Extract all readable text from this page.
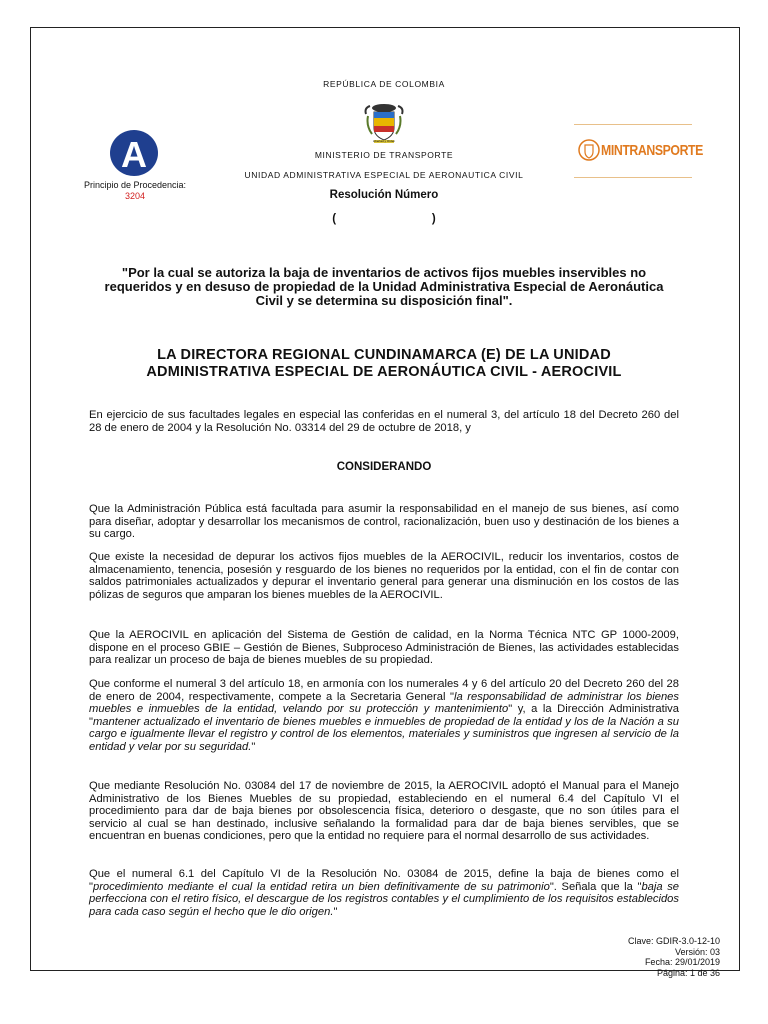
REPÚBLICA DE COLOMBIA
Libertad y Orden
MINISTERIO DE TRANSPORTE
UNIDAD ADMINISTRATIVA ESPECIAL DE AERONAUTICA CIVIL
Resolución Número
(                              )
A
Principio de Procedencia:
3204
MINTRANSPORTE
"Por la cual se autoriza la baja de inventarios de activos fijos muebles inservibles no requeridos y en desuso de propiedad de la Unidad Administrativa Especial de Aeronáutica Civil y se determina su disposición final".
LA DIRECTORA REGIONAL CUNDINAMARCA (E) DE LA UNIDAD
ADMINISTRATIVA ESPECIAL DE AERONÁUTICA CIVIL - AEROCIVIL
En ejercicio de sus facultades legales en especial las conferidas en el numeral 3, del artículo 18 del Decreto 260 del 28 de enero de 2004 y la Resolución No. 03314 del 29 de octubre de 2018, y
CONSIDERANDO
Que la Administración Pública está facultada para asumir la responsabilidad en el manejo de sus bienes, así como para diseñar, adoptar y desarrollar los mecanismos de control, racionalización, buen uso y destinación de los bienes a su cargo.
Que existe la necesidad de depurar los activos fijos muebles de la AEROCIVIL, reducir los inventarios, costos de almacenamiento, tenencia, posesión y resguardo de los bienes no requeridos por la entidad, con el fin de contar con saldos patrimoniales actualizados y depurar el inventario general para generar una disminución en los costos de las pólizas de seguros que amparan los bienes muebles de la AEROCIVIL.
Que la AEROCIVIL en aplicación del Sistema de Gestión de calidad, en la Norma Técnica NTC GP 1000-2009, dispone en el proceso GBIE – Gestión de Bienes, Subproceso Administración de Bienes, las actividades establecidas para realizar un proceso de baja de bienes muebles de su propiedad.
Que conforme el numeral 3 del artículo 18, en armonía con los numerales 4 y 6 del artículo 20 del Decreto 260 del 28 de enero de 2004, respectivamente, compete a la Secretaria General "la responsabilidad de administrar los bienes muebles e inmuebles de la entidad, velando por su protección y mantenimiento" y, a la Dirección Administrativa "mantener actualizado el inventario de bienes muebles e inmuebles de propiedad de la entidad y los de la Nación a su cargo e igualmente llevar el registro y control de los elementos, materiales y suministros que ingresen al servicio de la entidad y velar por su seguridad."
Que mediante Resolución No. 03084 del 17 de noviembre de 2015, la AEROCIVIL adoptó el Manual para el Manejo Administrativo de los Bienes Muebles de su propiedad, estableciendo en el numeral 6.4 del Capítulo VI el procedimiento para dar de baja bienes por obsolescencia física, deterioro o desgaste, que no son útiles para el servicio al cual se han destinado, inclusive señalando la formalidad para dar de baja bienes servibles, que se encuentran en buenas condiciones, pero que la entidad no requiere para el normal desarrollo de sus actividades.
Que el numeral 6.1 del Capítulo VI de la Resolución No. 03084 de 2015, define la baja de bienes como el "procedimiento mediante el cual la entidad retira un bien definitivamente de su patrimonio". Señala que la "baja se perfecciona con el retiro físico, el descargue de los registros contables y el cumplimiento de los requisitos establecidos para cada caso según el hecho que le dio origen."
Clave: GDIR-3.0-12-10
Versión: 03
Fecha: 29/01/2019
Página: 1 de 36
